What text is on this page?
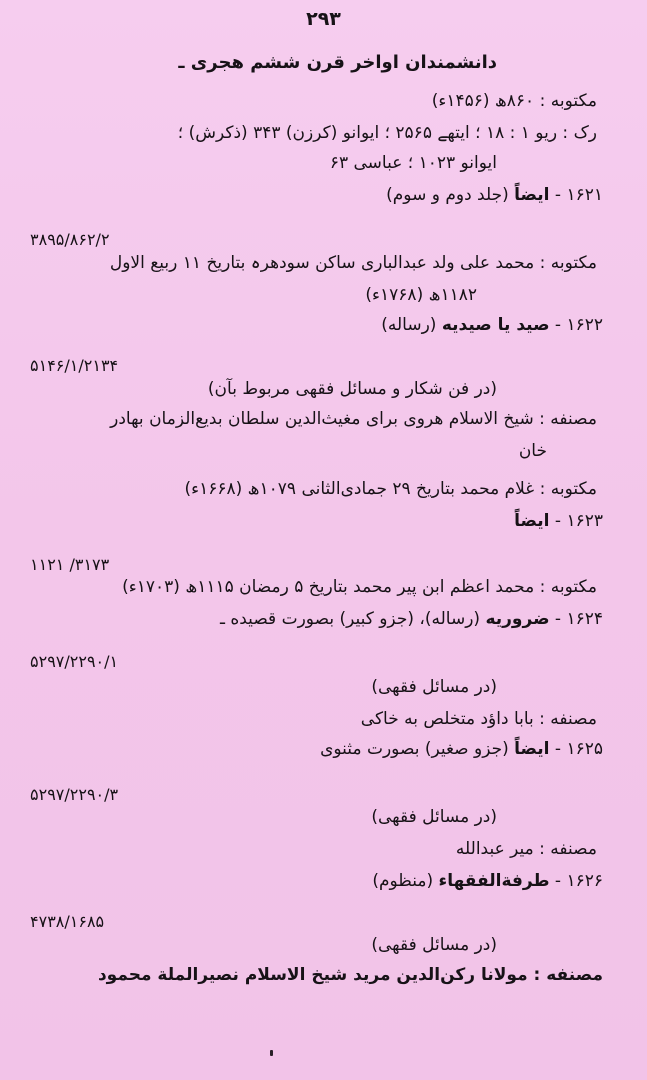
۲۹۳
دانشمندان اواخر قرن ششم هجری ـ
مکتوبه : ۸۶۰ھ (۱۴۵۶ء)
رک : ریو ۱ : ۱۸ ؛ ایتھے ۲۵۶۵ ؛ ایوانو (کرزن) ۳۴۳ (ذکرش) ؛
ایوانو ۱۰۲۳ ؛ عباسی ۶۳
۱۶۲۱ - ایضاً (جلد دوم و سوم)
۳۸۹۵/۸۶۲/۲
مکتوبه : محمد علی ولد عبدالباری ساکن سودھرہ بتاریخ ۱۱ ربیع الاول
۱۱۸۲ھ (۱۷۶۸ء)
۱۶۲۲ - صید یا صیدیه (رساله)
۵۱۴۶/۱/۲۱۳۴
(در فن شکار و مسائل فقهی مربوط بآن)
مصنفه : شیخ الاسلام هروی برای مغیث‌الدین سلطان بدیع‌الزمان بهادر
خان
مکتوبه : غلام محمد بتاریخ ۲۹ جمادی‌الثانی ۱۰۷۹ھ (۱۶۶۸ء)
۱۶۲۳ - ایضاً
۱۱۲۱ /۳۱۷۳
مکتوبه : محمد اعظم ابن پیر محمد بتاریخ ۵ رمضان ۱۱۱۵ھ (۱۷۰۳ء)
۱۶۲۴ - ضروریه (رساله)، (جزو کبیر) بصورت قصیده ـ
۵۲۹۷/۲۲۹۰/۱
(در مسائل فقهی)
مصنفه : بابا داؤد متخلص به خاکی
۱۶۲۵ - ایضاً (جزو صغیر) بصورت مثنوی
۵۲۹۷/۲۲۹۰/۳
(در مسائل فقهی)
مصنفه : میر عبدالله
۱۶۲۶ - طرفة‌الفقهاء (منظوم)
۴۷۳۸/۱۶۸۵
(در مسائل فقهی)
مصنفه : مولانا رکن‌الدین مرید شیخ الاسلام نصیرالملة محمود
